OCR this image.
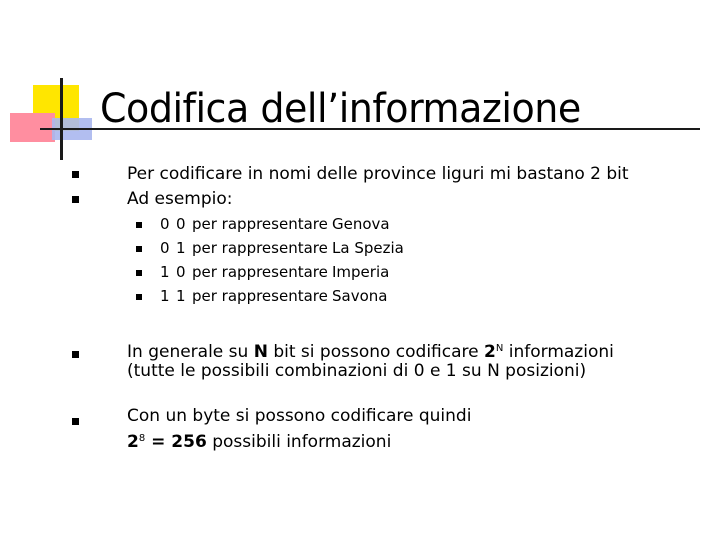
Codifica dell’informazione
Per codificare in nomi delle province liguri mi bastano 2 bit
Ad esempio:
0 0 per rappresentare Genova
0 1 per rappresentare La Spezia
1 0 per rappresentare Imperia
1 1 per rappresentare Savona
In generale su N bit si possono codificare $2^N$ informazioni
(tutte le possibili combinazioni di 0 e 1 su N posizioni)
Con un byte si possono codificare quindi
$2^8 = 256$ possibili informazioni
